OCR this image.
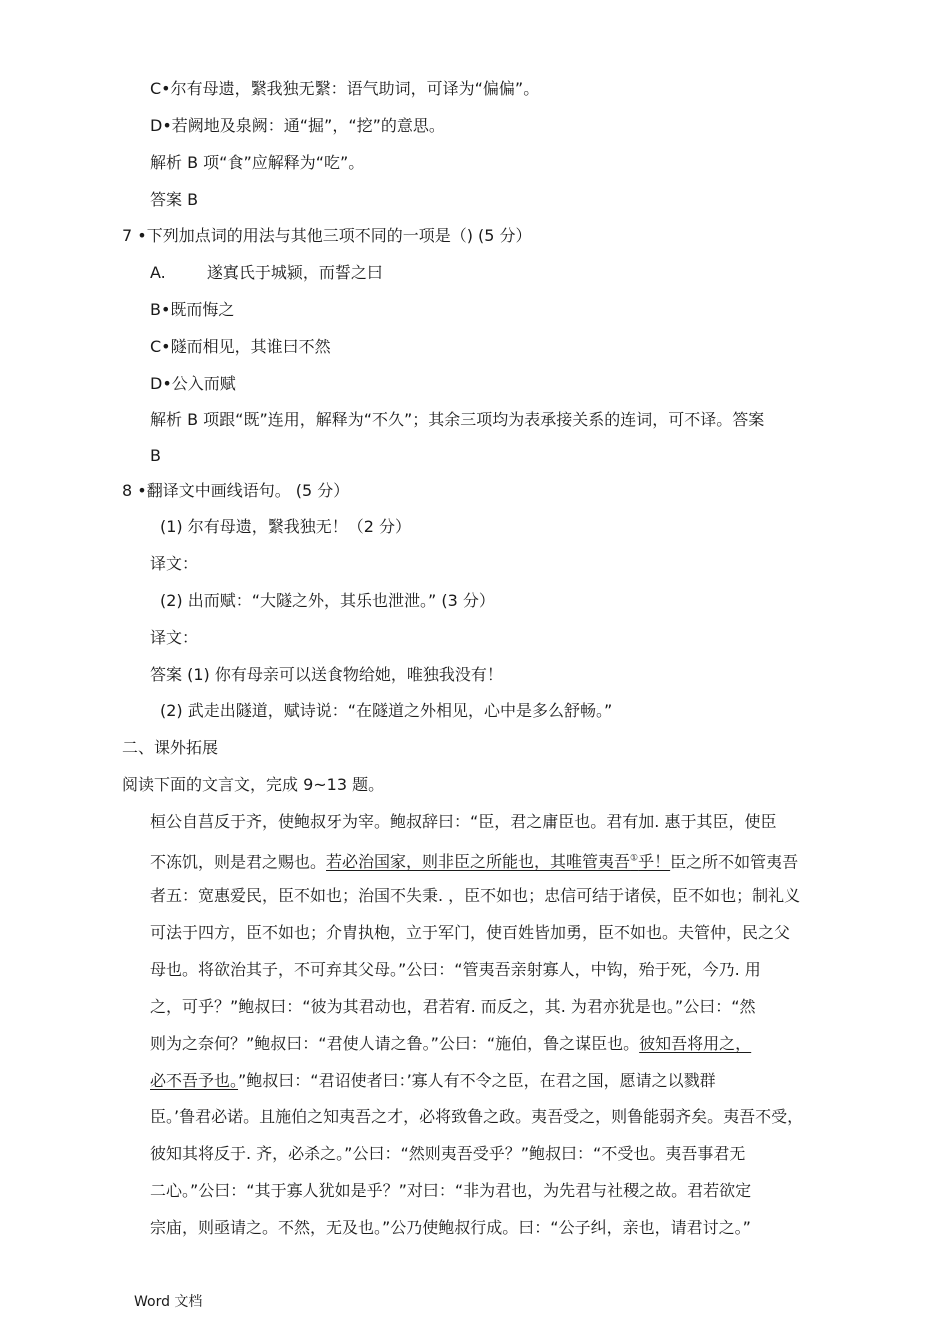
C•尔有母遗，繄我独无繄：语气助词，可译为“偏偏”。
D•若阙地及泉阙：通“掘”，“挖”的意思。
解析 B 项“食”应解释为“吃”。
答案 B
7 •下列加点词的用法与其他三项不同的一项是（) (5 分）
A.	遂寘氏于城颍，而誓之曰
B•既而悔之
C•隧而相见，其谁曰不然
D•公入而赋
解析 B 项跟“既”连用，解释为“不久”；其余三项均为表承接关系的连词，可不译。答案
B
8 •翻译文中画线语句。 (5 分）
(1) 尔有母遗，繄我独无！（2 分）
译文：
(2) 出而赋：“大隧之外，其乐也泄泄。” (3 分）
译文：
答案 (1) 你有母亲可以送食物给她，唯独我没有！
(2) 武走出隧道，赋诗说：“在隧道之外相见，心中是多么舒畅。”
二、课外拓展
阅读下面的文言文，完成 9~13 题。
桓公自莒反于齐，使鲍叔牙为宰。鲍叔辞曰：“臣，君之庸臣也。君有加. 惠于其臣，使臣
不冻饥，则是君之赐也。若必治国家，则非臣之所能也，其唯管夷吾①乎！臣之所不如管夷吾
者五：宽惠爱民，臣不如也；治国不失秉. ，臣不如也；忠信可结于诸侯，臣不如也；制礼义
可法于四方，臣不如也；介胄执枹，立于军门，使百姓皆加勇，臣不如也。夫管仲，民之父
母也。将欲治其子，不可弃其父母。”公曰：“管夷吾亲射寡人，中钩，殆于死，今乃. 用
之，可乎？”鲍叔曰：“彼为其君动也，君若宥. 而反之，其. 为君亦犹是也。”公曰：“然
则为之奈何？”鲍叔曰：“君使人请之鲁。”公曰：“施伯，鲁之谋臣也。彼知吾将用之，
必不吾予也。”鲍叔曰：“君诏使者曰：’寡人有不令之臣，在君之国，愿请之以戮群
臣。’鲁君必诺。且施伯之知夷吾之才，必将致鲁之政。夷吾受之，则鲁能弱齐矣。夷吾不受，
彼知其将反于. 齐，必杀之。”公曰：“然则夷吾受乎？”鲍叔曰：“不受也。夷吾事君无
二心。”公曰：“其于寡人犹如是乎？”对曰：“非为君也，为先君与社稷之故。君若欲定
宗庙，则亟请之。不然，无及也。”公乃使鲍叔行成。曰：“公子纠，亲也，请君讨之。”
Word 文档
